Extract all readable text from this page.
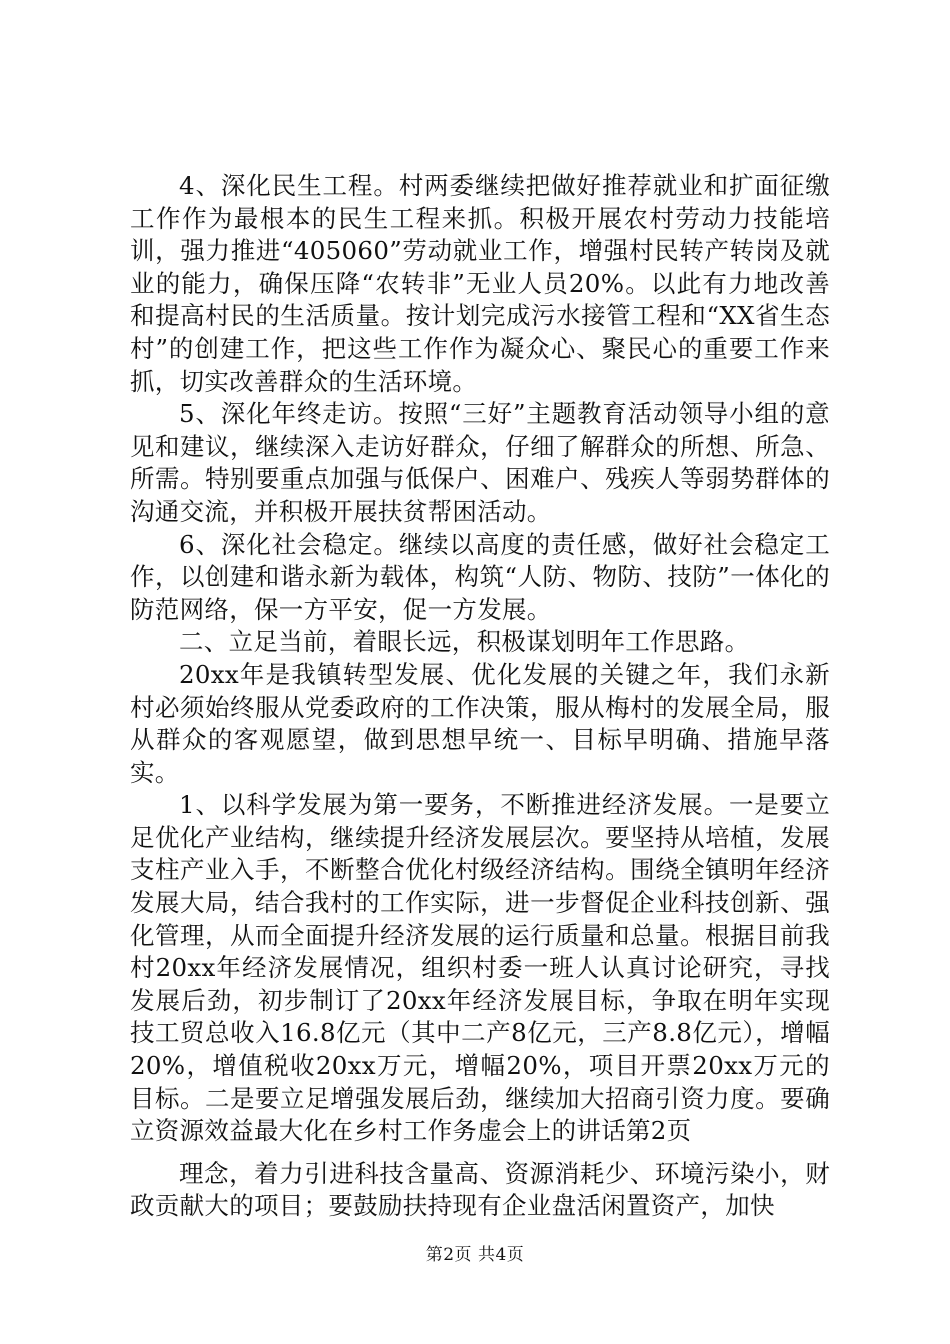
4、深化民生工程。村两委继续把做好推荐就业和扩面征缴工作作为最根本的民生工程来抓。积极开展农村劳动力技能培训，强力推进“405060”劳动就业工作，增强村民转产转岗及就业的能力，确保压降“农转非”无业人员20%。以此有力地改善和提高村民的生活质量。按计划完成污水接管工程和“XX省生态村”的创建工作，把这些工作作为凝众心、聚民心的重要工作来抓，切实改善群众的生活环境。

5、深化年终走访。按照“三好”主题教育活动领导小组的意见和建议，继续深入走访好群众，仔细了解群众的所想、所急、所需。特别要重点加强与低保户、困难户、残疾人等弱势群体的沟通交流，并积极开展扶贫帮困活动。

6、深化社会稳定。继续以高度的责任感，做好社会稳定工作，以创建和谐永新为载体，构筑“人防、物防、技防”一体化的防范网络，保一方平安，促一方发展。

二、立足当前，着眼长远，积极谋划明年工作思路。

20xx年是我镇转型发展、优化发展的关键之年，我们永新村必须始终服从党委政府的工作决策，服从梅村的发展全局，服从群众的客观愿望，做到思想早统一、目标早明确、措施早落实。

1、以科学发展为第一要务，不断推进经济发展。一是要立足优化产业结构，继续提升经济发展层次。要坚持从培植，发展支柱产业入手，不断整合优化村级经济结构。围绕全镇明年经济发展大局，结合我村的工作实际，进一步督促企业科技创新、强化管理，从而全面提升经济发展的运行质量和总量。根据目前我村20xx年经济发展情况，组织村委一班人认真讨论研究，寻找发展后劲，初步制订了20xx年经济发展目标，争取在明年实现技工贸总收入16.8亿元（其中二产8亿元，三产8.8亿元），增幅20%，增值税收20xx万元，增幅20%，项目开票20xx万元的目标。二是要立足增强发展后劲，继续加大招商引资力度。要确立资源效益最大化在乡村工作务虚会上的讲话第2页

理念，着力引进科技含量高、资源消耗少、环境污染小，财政贡献大的项目；要鼓励扶持现有企业盘活闲置资产，加快

第2页 共4页
